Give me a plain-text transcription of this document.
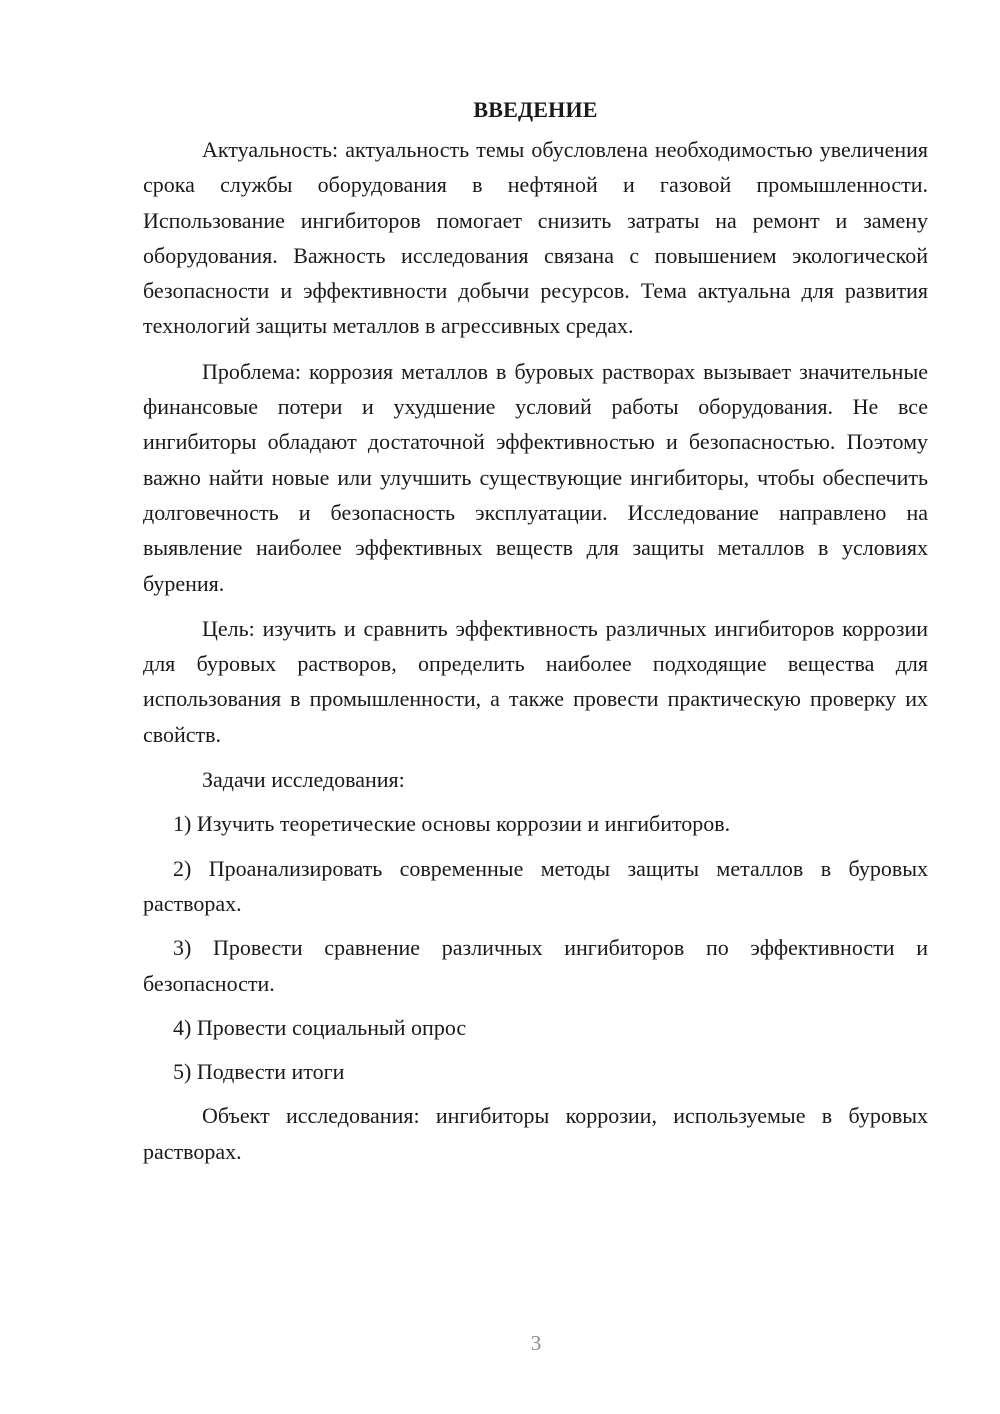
ВВЕДЕНИЕ

Актуальность: актуальность темы обусловлена необходимостью увеличения срока службы оборудования в нефтяной и газовой промышленности. Использование ингибиторов помогает снизить затраты на ремонт и замену оборудования. Важность исследования связана с повышением экологической безопасности и эффективности добычи ресурсов. Тема актуальна для развития технологий защиты металлов в агрессивных средах.

Проблема: коррозия металлов в буровых растворах вызывает значительные финансовые потери и ухудшение условий работы оборудования. Не все ингибиторы обладают достаточной эффективностью и безопасностью. Поэтому важно найти новые или улучшить существующие ингибиторы, чтобы обеспечить долговечность и безопасность эксплуатации. Исследование направлено на выявление наиболее эффективных веществ для защиты металлов в условиях бурения.

Цель: изучить и сравнить эффективность различных ингибиторов коррозии для буровых растворов, определить наиболее подходящие вещества для использования в промышленности, а также провести практическую проверку их свойств.

Задачи исследования:

1) Изучить теоретические основы коррозии и ингибиторов.

2) Проанализировать современные методы защиты металлов в буровых растворах.

3) Провести сравнение различных ингибиторов по эффективности и безопасности.

4) Провести социальный опрос

5) Подвести итоги

Объект исследования: ингибиторы коррозии, используемые в буровых растворах.

3
